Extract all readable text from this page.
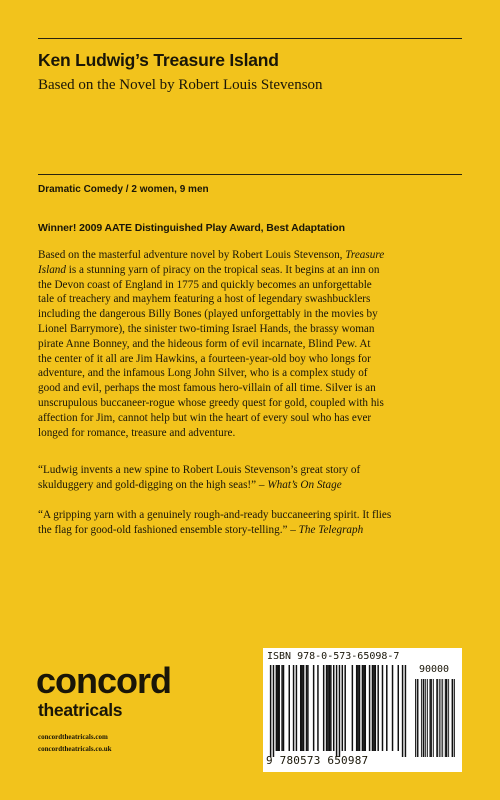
Ken Ludwig’s Treasure Island
Based on the Novel by Robert Louis Stevenson
Dramatic Comedy / 2 women, 9 men
Winner! 2009 AATE Distinguished Play Award, Best Adaptation
Based on the masterful adventure novel by Robert Louis Stevenson, Treasure
Island is a stunning yarn of piracy on the tropical seas. It begins at an inn on
the Devon coast of England in 1775 and quickly becomes an unforgettable
tale of treachery and mayhem featuring a host of legendary swashbucklers
including the dangerous Billy Bones (played unforgettably in the movies by
Lionel Barrymore), the sinister two-timing Israel Hands, the brassy woman
pirate Anne Bonney, and the hideous form of evil incarnate, Blind Pew. At
the center of it all are Jim Hawkins, a fourteen-year-old boy who longs for
adventure, and the infamous Long John Silver, who is a complex study of
good and evil, perhaps the most famous hero-villain of all time. Silver is an
unscrupulous buccaneer-rogue whose greedy quest for gold, coupled with his
affection for Jim, cannot help but win the heart of every soul who has ever
longed for romance, treasure and adventure.
“Ludwig invents a new spine to Robert Louis Stevenson’s great story of
skulduggery and gold-digging on the high seas!” – What’s On Stage
“A gripping yarn with a genuinely rough-and-ready buccaneering spirit. It flies
the flag for good-old fashioned ensemble story-telling.” – The Telegraph
concord
theatricals
concordtheatricals.com
concordtheatricals.co.uk
ISBN 978-0-573-65098-7
90000
9 780573 650987
